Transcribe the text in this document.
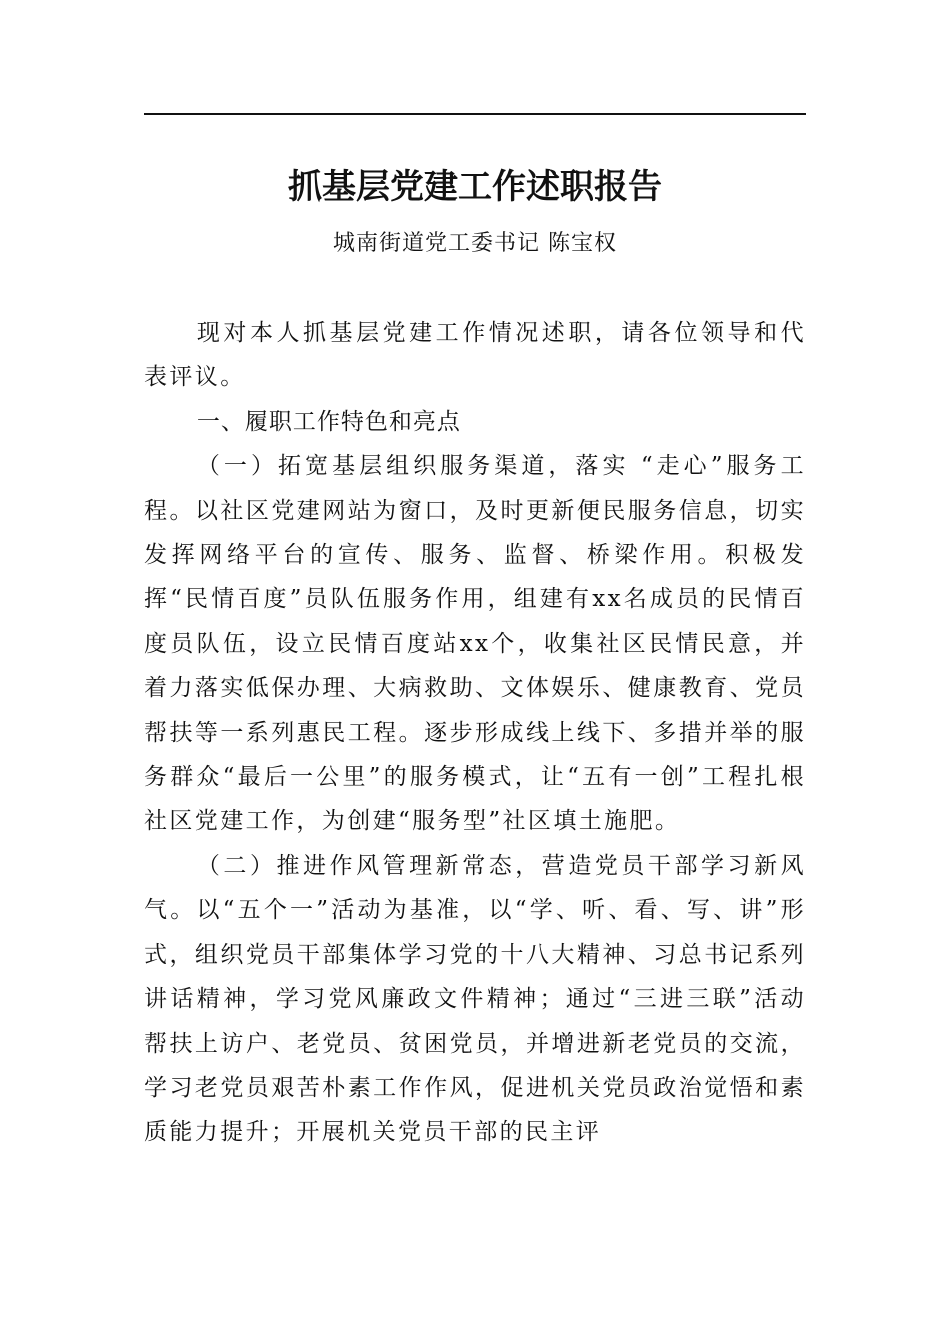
抓基层党建工作述职报告

城南街道党工委书记 陈宝权

现对本人抓基层党建工作情况述职，请各位领导和代表评议。

一、履职工作特色和亮点

（一）拓宽基层组织服务渠道，落实 “走心”服务工程。以社区党建网站为窗口，及时更新便民服务信息，切实发挥网络平台的宣传、服务、监督、桥梁作用。积极发挥“民情百度”员队伍服务作用，组建有xx名成员的民情百度员队伍，设立民情百度站xx个，收集社区民情民意，并着力落实低保办理、大病救助、文体娱乐、健康教育、党员帮扶等一系列惠民工程。逐步形成线上线下、多措并举的服务群众“最后一公里”的服务模式，让“五有一创”工程扎根社区党建工作，为创建“服务型”社区填土施肥。

（二）推进作风管理新常态，营造党员干部学习新风气。以“五个一”活动为基准，以“学、听、看、写、讲”形式，组织党员干部集体学习党的十八大精神、习总书记系列讲话精神，学习党风廉政文件精神；通过“三进三联”活动帮扶上访户、老党员、贫困党员，并增进新老党员的交流，学习老党员艰苦朴素工作作风，促进机关党员政治觉悟和素质能力提升；开展机关党员干部的民主评
